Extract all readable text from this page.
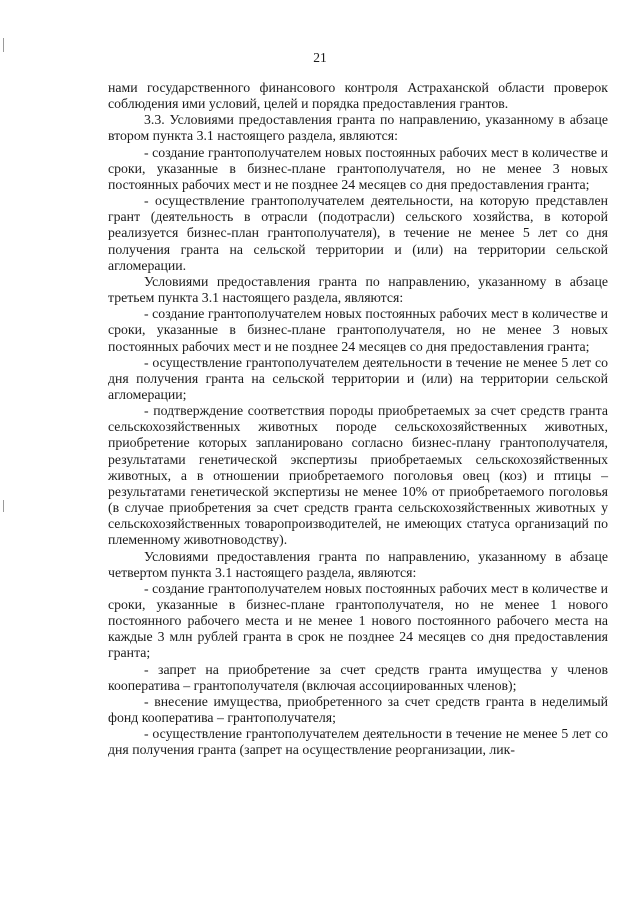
21

нами государственного финансового контроля Астраханской области проверок соблюдения ими условий, целей и порядка предоставления грантов.

3.3. Условиями предоставления гранта по направлению, указанному в абзаце втором пункта 3.1 настоящего раздела, являются:

- создание грантополучателем новых постоянных рабочих мест в количестве и сроки, указанные в бизнес-плане грантополучателя, но не менее 3 новых постоянных рабочих мест и не позднее 24 месяцев со дня предоставления гранта;

- осуществление грантополучателем деятельности, на которую представлен грант (деятельность в отрасли (подотрасли) сельского хозяйства, в которой реализуется бизнес-план грантополучателя), в течение не менее 5 лет со дня получения гранта на сельской территории и (или) на территории сельской агломерации.

Условиями предоставления гранта по направлению, указанному в абзаце третьем пункта 3.1 настоящего раздела, являются:

- создание грантополучателем новых постоянных рабочих мест в количестве и сроки, указанные в бизнес-плане грантополучателя, но не менее 3 новых постоянных рабочих мест и не позднее 24 месяцев со дня предоставления гранта;

- осуществление грантополучателем деятельности в течение не менее 5 лет со дня получения гранта на сельской территории и (или) на территории сельской агломерации;

- подтверждение соответствия породы приобретаемых за счет средств гранта сельскохозяйственных животных породе сельскохозяйственных животных, приобретение которых запланировано согласно бизнес-плану грантополучателя, результатами генетической экспертизы приобретаемых сельскохозяйственных животных, а в отношении приобретаемого поголовья овец (коз) и птицы – результатами генетической экспертизы не менее 10% от приобретаемого поголовья (в случае приобретения за счет средств гранта сельскохозяйственных животных у сельскохозяйственных товаропроизводителей, не имеющих статуса организаций по племенному животноводству).

Условиями предоставления гранта по направлению, указанному в абзаце четвертом пункта 3.1 настоящего раздела, являются:

- создание грантополучателем новых постоянных рабочих мест в количестве и сроки, указанные в бизнес-плане грантополучателя, но не менее 1 нового постоянного рабочего места и не менее 1 нового постоянного рабочего места на каждые 3 млн рублей гранта в срок не позднее 24 месяцев со дня предоставления гранта;

- запрет на приобретение за счет средств гранта имущества у членов кооператива – грантополучателя (включая ассоциированных членов);

- внесение имущества, приобретенного за счет средств гранта в неделимый фонд кооператива – грантополучателя;

- осуществление грантополучателем деятельности в течение не менее 5 лет со дня получения гранта (запрет на осуществление реорганизации, лик-
